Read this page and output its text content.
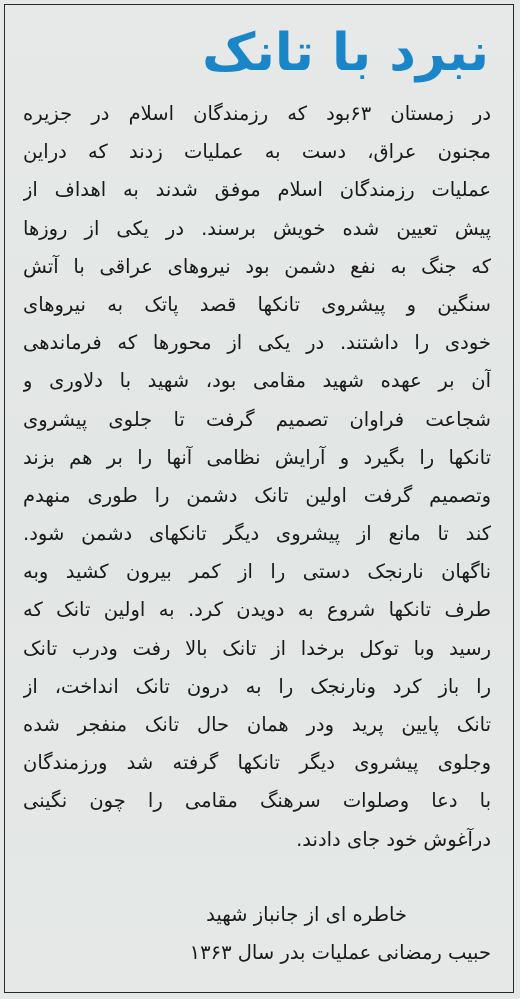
نبرد با تانک
در زمستان ۶۳بود که رزمندگان اسلام در جزیره
مجنون عراق، دست به عملیات زدند که دراین
عملیات رزمندگان اسلام موفق شدند به اهداف از
پیش تعیین شده خویش برسند. در یکی از روزها
که جنگ به نفع دشمن بود نیروهای عراقی با آتش
سنگین و پیشروی تانکها قصد پاتک به نیروهای
خودی را داشتند. در یکی از محورها که فرماندهی
آن بر عهده شهید مقامی بود، شهید با دلاوری و
شجاعت فراوان تصمیم گرفت تا جلوی پیشروی
تانکها را بگیرد و آرایش نظامی آنها را بر هم بزند
وتصمیم گرفت اولین تانک دشمن را طوری منهدم
کند تا مانع از پیشروی دیگر تانکهای دشمن شود.
ناگهان نارنجک دستی را از کمر بیرون کشید وبه
طرف تانکها شروع به دویدن کرد. به اولین تانک که
رسید وبا توکل برخدا از تانک بالا رفت ودرب تانک
را باز کرد ونارنجک را به درون تانک انداخت، از
تانک پایین پرید ودر همان حال تانک منفجر شده
وجلوی پیشروی دیگر تانکها گرفته شد ورزمندگان
با دعا وصلوات سرهنگ مقامی را چون نگینی
درآغوش خود جای دادند.
خاطره ای از جانباز شهید
حبیب رمضانی عملیات بدر سال ۱۳۶۳
